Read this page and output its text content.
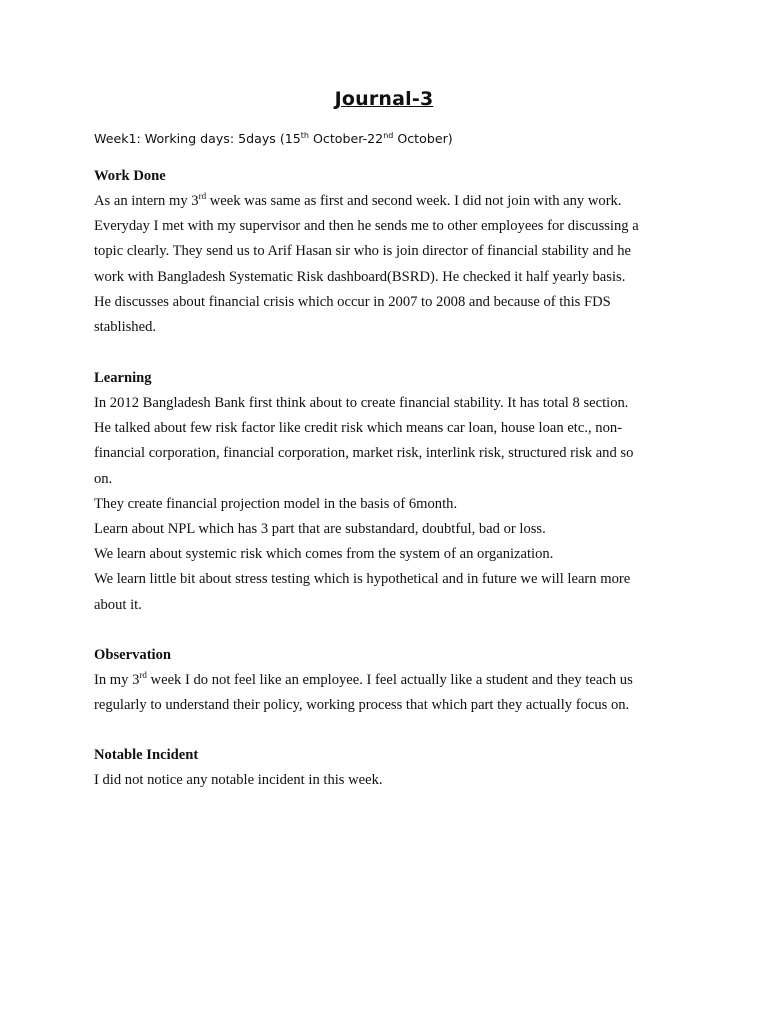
Journal-3
Week1: Working days: 5days (15th October-22nd October)
Work Done
As an intern my 3rd week was same as first and second week. I did not join with any work.
Everyday I met with my supervisor and then he sends me to other employees for discussing a
topic clearly. They send us to Arif Hasan sir who is join director of financial stability and he
work with Bangladesh Systematic Risk dashboard(BSRD). He checked it half yearly basis.
He discusses about financial crisis which occur in 2007 to 2008 and because of this FDS
stablished.
Learning
In 2012 Bangladesh Bank first think about to create financial stability. It has total 8 section.
He talked about few risk factor like credit risk which means car loan, house loan etc., non-
financial corporation, financial corporation, market risk, interlink risk, structured risk and so
on.
They create financial projection model in the basis of 6month.
Learn about NPL which has 3 part that are substandard, doubtful, bad or loss.
We learn about systemic risk which comes from the system of an organization.
We learn little bit about stress testing which is hypothetical and in future we will learn more
about it.
Observation
In my 3rd week I do not feel like an employee. I feel actually like a student and they teach us
regularly to understand their policy, working process that which part they actually focus on.
Notable Incident
I did not notice any notable incident in this week.
